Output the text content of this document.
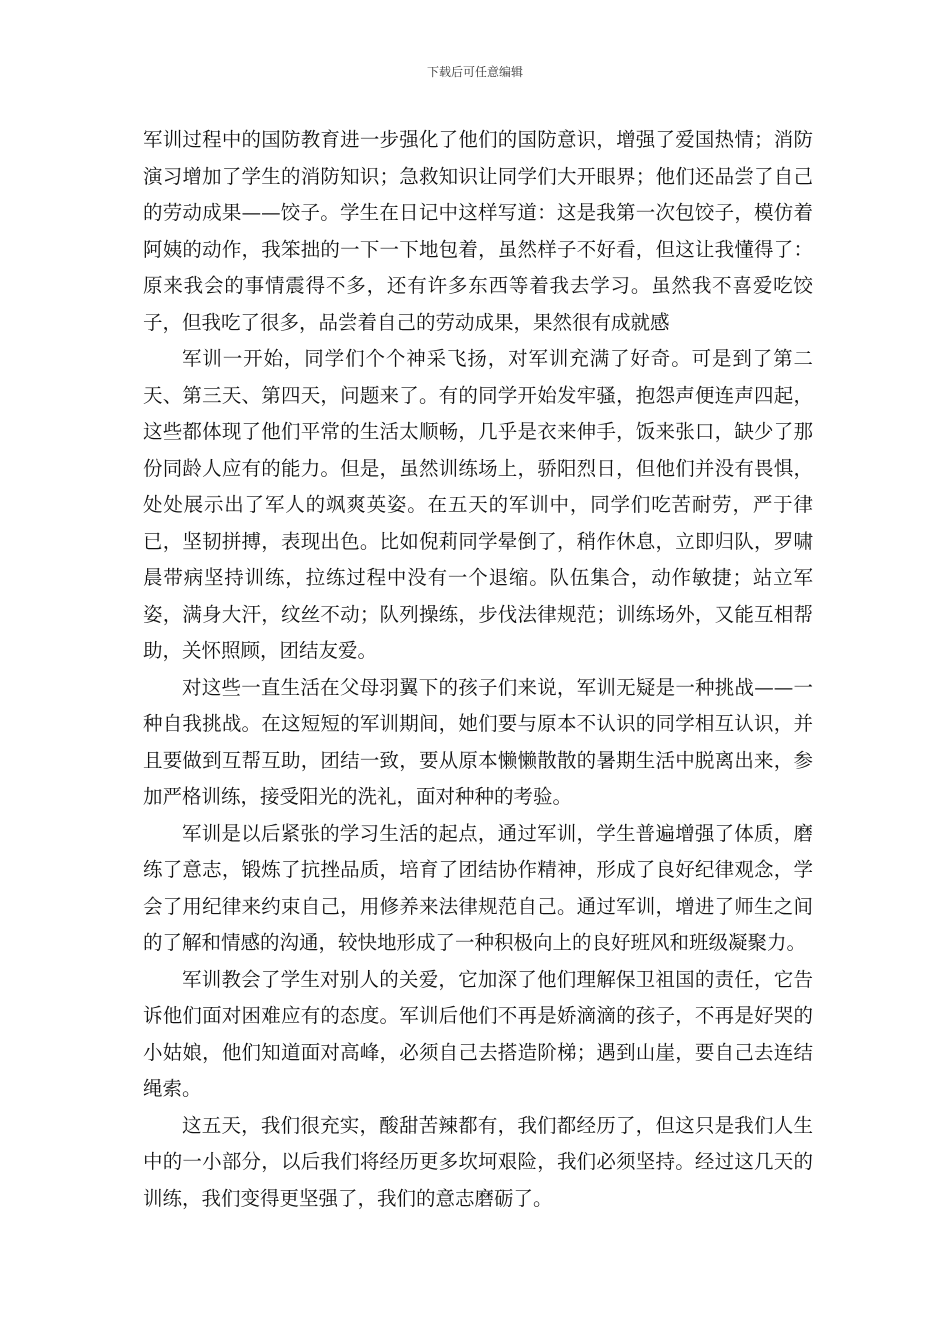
下载后可任意编辑

军训过程中的国防教育进一步强化了他们的国防意识，增强了爱国热情；消防演习增加了学生的消防知识；急救知识让同学们大开眼界；他们还品尝了自己的劳动成果——饺子。学生在日记中这样写道：这是我第一次包饺子，模仿着阿姨的动作，我笨拙的一下一下地包着，虽然样子不好看，但这让我懂得了：原来我会的事情震得不多，还有许多东西等着我去学习。虽然我不喜爱吃饺子，但我吃了很多，品尝着自己的劳动成果，果然很有成就感

军训一开始，同学们个个神采飞扬，对军训充满了好奇。可是到了第二天、第三天、第四天，问题来了。有的同学开始发牢骚，抱怨声便连声四起，这些都体现了他们平常的生活太顺畅，几乎是衣来伸手，饭来张口，缺少了那份同龄人应有的能力。但是，虽然训练场上，骄阳烈日，但他们并没有畏惧，处处展示出了军人的飒爽英姿。在五天的军训中，同学们吃苦耐劳，严于律已，坚韧拼搏，表现出色。比如倪莉同学晕倒了，稍作休息，立即归队，罗啸晨带病坚持训练，拉练过程中没有一个退缩。队伍集合，动作敏捷；站立军姿，满身大汗，纹丝不动；队列操练，步伐法律规范；训练场外，又能互相帮助，关怀照顾，团结友爱。

对这些一直生活在父母羽翼下的孩子们来说，军训无疑是一种挑战——一种自我挑战。在这短短的军训期间，她们要与原本不认识的同学相互认识，并且要做到互帮互助，团结一致，要从原本懒懒散散的暑期生活中脱离出来，参加严格训练，接受阳光的洗礼，面对种种的考验。

军训是以后紧张的学习生活的起点，通过军训，学生普遍增强了体质，磨练了意志，锻炼了抗挫品质，培育了团结协作精神，形成了良好纪律观念，学会了用纪律来约束自己，用修养来法律规范自己。通过军训，增进了师生之间的了解和情感的沟通，较快地形成了一种积极向上的良好班风和班级凝聚力。

军训教会了学生对别人的关爱，它加深了他们理解保卫祖国的责任，它告诉他们面对困难应有的态度。军训后他们不再是娇滴滴的孩子，不再是好哭的小姑娘，他们知道面对高峰，必须自己去搭造阶梯；遇到山崖，要自己去连结绳索。

这五天，我们很充实，酸甜苦辣都有，我们都经历了，但这只是我们人生中的一小部分，以后我们将经历更多坎坷艰险，我们必须坚持。经过这几天的训练，我们变得更坚强了，我们的意志磨砺了。
